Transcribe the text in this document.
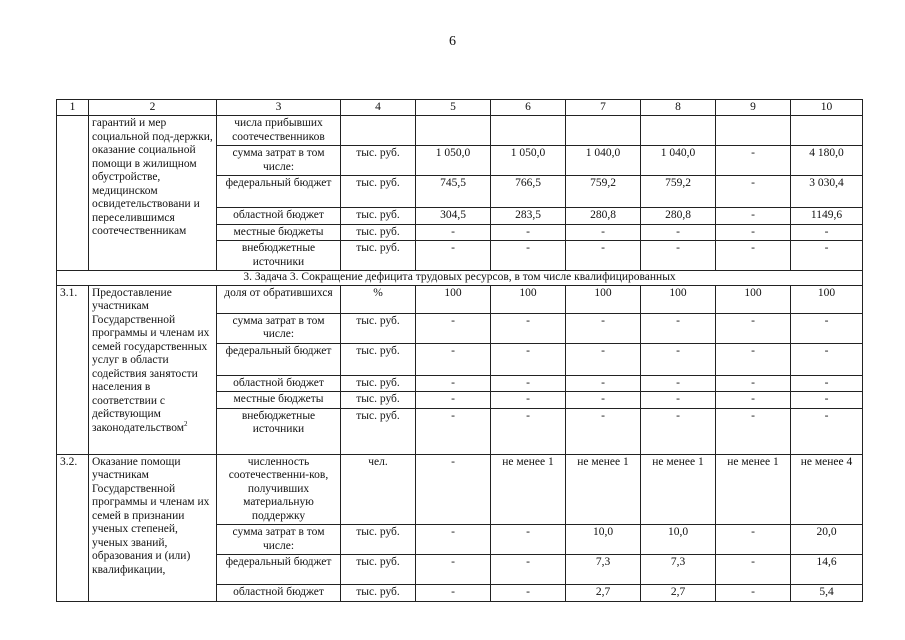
6
1	2	3	4	5	6	7	8	9	10
	гарантий и мер социальной под-держки, оказание социальной помощи в жилищном обустройстве, медицинском освидетельствовани и переселившимся соотечественникам	числа прибывших соотечественников							
		сумма затрат в том числе:	тыс. руб.	1 050,0	1 050,0	1 040,0	1 040,0	-	4 180,0
		федеральный бюджет	тыс. руб.	745,5	766,5	759,2	759,2	-	3 030,4
		областной бюджет	тыс. руб.	304,5	283,5	280,8	280,8	-	1149,6
		местные бюджеты	тыс. руб.	-	-	-	-	-	-
		внебюджетные источники	тыс. руб.	-	-	-	-	-	-
3. Задача 3. Сокращение дефицита трудовых ресурсов, в том числе квалифицированных									
3.1.	Предоставление участникам Государственной программы и членам их семей государственных услуг в области содействия занятости населения в соответствии с действующим законодательством$^2$	доля от обратившихся	%	100	100	100	100	100	100
		сумма затрат в том числе:	тыс. руб.	-	-	-	-	-	-
		федеральный бюджет	тыс. руб.	-	-	-	-	-	-
		областной бюджет	тыс. руб.	-	-	-	-	-	-
		местные бюджеты	тыс. руб.	-	-	-	-	-	-
		внебюджетные источники	тыс. руб.	-	-	-	-	-	-
3.2.	Оказание помощи участникам Государственной программы и членам их семей в признании ученых степеней, ученых званий, образования и (или) квалификации,	численность соотечественни-ков, получивших материальную поддержку	чел.	-	не менее 1	не менее 1	не менее 1	не менее 1	не менее 4
		сумма затрат в том числе:	тыс. руб.	-	-	10,0	10,0	-	20,0
		федеральный бюджет	тыс. руб.	-	-	7,3	7,3	-	14,6
		областной бюджет	тыс. руб.	-	-	2,7	2,7	-	5,4
